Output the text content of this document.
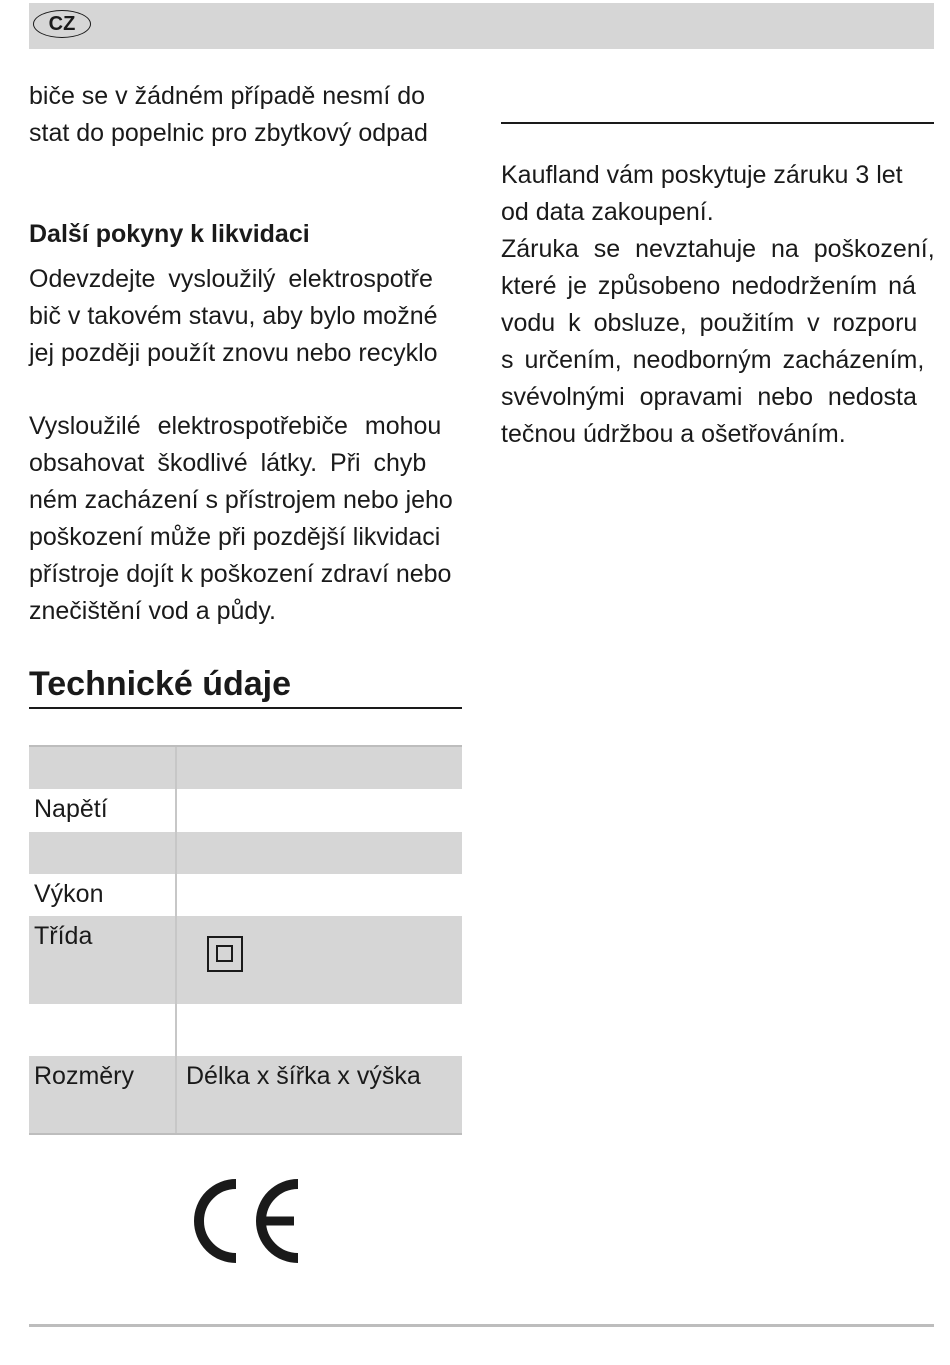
CZ

biče se v žádném případě nesmí do
stat do popelnic pro zbytkový odpad

Další pokyny k likvidaci

Odevzdejte vysloužilý elektrospotře
bič v takovém stavu, aby bylo možné
jej později použít znovu nebo recyklo

Vysloužilé elektrospotřebiče mohou
obsahovat škodlivé látky. Při chyb
ném zacházení s přístrojem nebo jeho
poškození může při pozdější likvidaci
přístroje dojít k poškození zdraví nebo
znečištění vod a půdy.

Technické údaje
Napětí
Výkon
Třída
Rozměry Délka x šířka x výška

Kaufland vám poskytuje záruku 3 let
od data zakoupení.

Záruka se nevztahuje na poškození,
které je způsobeno nedodržením ná
vodu k obsluze, použitím v rozporu
s určením, neodborným zacházením,
svévolnými opravami nebo nedosta
tečnou údržbou a ošetřováním.
